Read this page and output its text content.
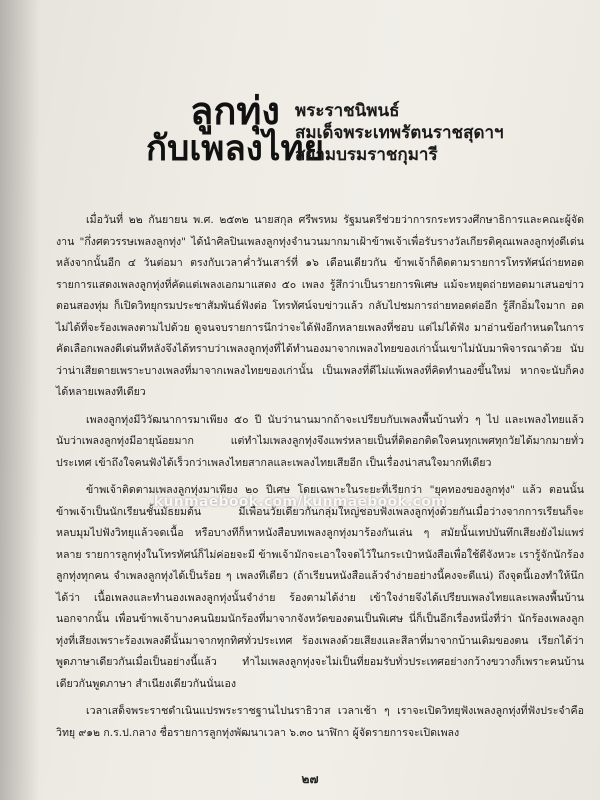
ลูกทุ่ง
กับเพลงไทย
พระราชนิพนธ์
สมเด็จพระเทพรัตนราชสุดาฯ
สยามบรมราชกุมารี

เมื่อวันที่ ๒๒ กันยายน พ.ศ. ๒๕๓๒ นายสกุล ศรีพรหม รัฐมนตรีช่วยว่าการกระทรวงศึกษาธิการและคณะผู้จัดงาน "กึ่งศตวรรษเพลงลูกทุ่ง" ได้นำศิลปินเพลงลูกทุ่งจำนวนมากมาเฝ้าข้าพเจ้าเพื่อรับรางวัลเกียรติคุณเพลงลูกทุ่งดีเด่น หลังจากนั้นอีก ๔ วันต่อมา ตรงกับเวลาค่ำวันเสาร์ที่ ๑๖ เดือนเดียวกัน ข้าพเจ้าก็ติดตามรายการโทรทัศน์ถ่ายทอดรายการแสดงเพลงลูกทุ่งที่คัดแต่เพลงเอกมาแสดง ๕๐ เพลง รู้สึกว่าเป็นรายการพิเศษ แม้จะหยุดถ่ายทอดมาเสนอข่าวตอนสองทุ่ม ก็เปิดวิทยุกรมประชาสัมพันธ์ฟังต่อ โทรทัศน์จบข่าวแล้ว กลับไปชมการถ่ายทอดต่ออีก รู้สึกอิ่มใจมาก อดไม่ได้ที่จะร้องเพลงตามไปด้วย ดูจนจบรายการนึกว่าจะได้ฟังอีกหลายเพลงที่ชอบ แต่ไม่ได้ฟัง มาอ่านข้อกำหนดในการคัดเลือกเพลงดีเด่นทีหลังจึงได้ทราบว่าเพลงลูกทุ่งที่ได้ทำนองมาจากเพลงไทยของเก่านั้นเขาไม่นับมาพิจารณาด้วย นับว่าน่าเสียดายเพราะบางเพลงที่มาจากเพลงไทยของเก่านั้น เป็นเพลงที่ดีไม่แพ้เพลงที่คิดทำนองขึ้นใหม่ หากจะนับก็คงได้หลายเพลงทีเดียว

เพลงลูกทุ่งมีวิวัฒนาการมาเพียง ๕๐ ปี นับว่านานมากถ้าจะเปรียบกับเพลงพื้นบ้านทั่ว ๆ ไป และเพลงไทยแล้ว นับว่าเพลงลูกทุ่งมีอายุน้อยมาก แต่ทำไมเพลงลูกทุ่งจึงแพร่หลายเป็นที่ติดอกติดใจคนทุกเพศทุกวัยได้มากมายทั่วประเทศ เข้าถึงใจคนฟังได้เร็วกว่าเพลงไทยสากลและเพลงไทยเสียอีก เป็นเรื่องน่าสนใจมากทีเดียว

ข้าพเจ้าติดตามเพลงลูกทุ่งมาเพียง ๒๐ ปีเศษ โดยเฉพาะในระยะที่เรียกว่า "ยุคทองของลูกทุ่ง" แล้ว ตอนนั้นข้าพเจ้าเป็นนักเรียนชั้นมัธยมต้น มีเพื่อนวัยเดียวกันกลุ่มใหญ่ชอบฟังเพลงลูกทุ่งด้วยกันเมื่อว่างจากการเรียนก็จะหลบมุมไปฟังวิทยุแล้วจดเนื้อ หรือบางทีก็หาหนังสือบทเพลงลูกทุ่งมาร้องกันเล่น ๆ สมัยนั้นเทปบันทึกเสียงยังไม่แพร่หลาย รายการลูกทุ่งในโทรทัศน์ก็ไม่ค่อยจะมี ข้าพเจ้ามักจะเอาใจจดไว้ในกระเป๋าหนังสือเพื่อใช้ดีจังหวะ เรารู้จักนักร้องลูกทุ่งทุกคน จำเพลงลูกทุ่งได้เป็นร้อย ๆ เพลงทีเดียว (ถ้าเรียนหนังสือแล้วจำง่ายอย่างนี้คงจะดีแน่) ถึงจุดนี้เองทำให้นึกได้ว่า เนื้อเพลงและทำนองเพลงลูกทุ่งนั้นจำง่าย ร้องตามได้ง่าย เข้าใจง่ายจึงได้เปรียบเพลงไทยและเพลงพื้นบ้าน นอกจากนั้น เพื่อนข้าพเจ้าบางคนนิยมนักร้องที่มาจากจังหวัดของตนเป็นพิเศษ นี่ก็เป็นอีกเรื่องหนึ่งที่ว่า นักร้องเพลงลูกทุ่งที่เสียงเพราะร้องเพลงดีนั้นมาจากทุกทิศทั่วประเทศ ร้องเพลงด้วยเสียงและสีลาที่มาจากบ้านเดิมของตน เรียกได้ว่าพูดภาษาเดียวกันเมื่อเป็นอย่างนี้แล้ว ทำไมเพลงลูกทุ่งจะไม่เป็นที่ยอมรับทั่วประเทศอย่างกว้างขวางก็เพราะคนบ้านเดียวกันพูดภาษา สำเนียงเดียวกันนั่นเอง

เวลาเสด็จพระราชดำเนินแปรพระราชฐานไปนราธิวาส เวลาเช้า ๆ เราจะเปิดวิทยุฟังเพลงลูกทุ่งที่ฟังประจำคือวิทยุ ๙๑๒ ก.ร.ป.กลาง ชื่อรายการลูกทุ่งพัฒนาเวลา ๖.๓๐ นาฬิกา ผู้จัดรายการจะเปิดเพลง

kunmaebook.com/kunmaebook.com
๒๗
